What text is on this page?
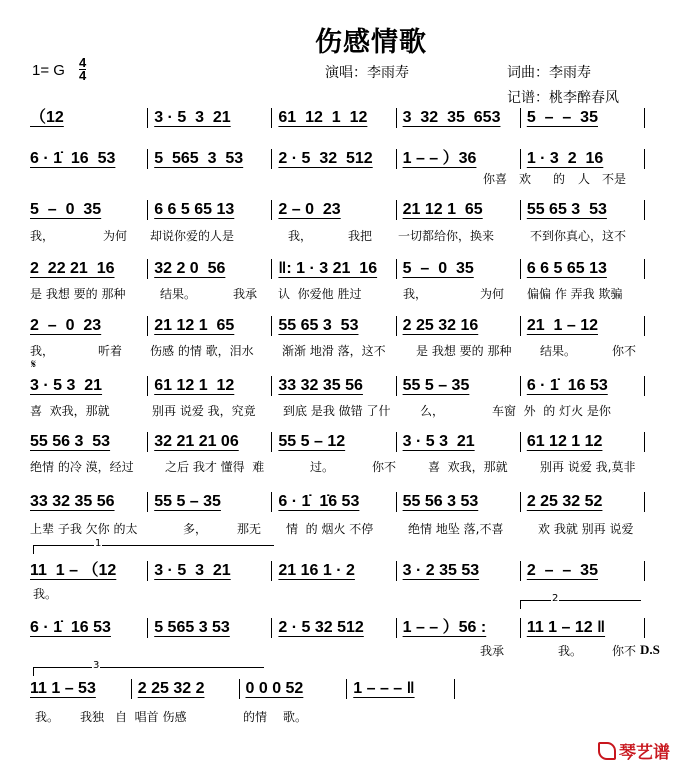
伤感情歌
1= G 4
4	演唱：李雨寿	词曲：李雨寿
记谱：桃李醉春风
𝄋
1
2
3
（12	3 · 5  3  21	61  12  1  12	3  32  35  653	5  –  –  35
6 · 1̇  16  53	5  565  3  53	2 · 5  32  512	1 – – ）36	1 · 3  2  16
你喜 欢 的 人 不是
5  –  0  35	6 6 5 65 13	2 – 0  23	21 12 1  65	55 65 3  53
我，	为何 却说你爱的人是	我，	我把 一切都给你，换来	不到你真心，这不
2  22 21  16	32 2 0  56	‖: 1 · 3 21  16	5  –  0  35	6 6 5 65 13
是 我想 要的 那种	结果。	我承 认  你爱他 胜过	我，	为何 偏偏 作 弄我 欺骗
2  –  0  23	21 12 1  65	55 65 3  53	2 25 32 16	21  1 – 12
我，	听着 伤感 的情 歌，泪水 渐渐 地滑 落，这不	是 我想 要的 那种 结果。	你不
3 · 5 3  21	61 12 1  12	33 32 35 56	55 5 – 35	6 · 1̇  16 53
喜  欢我，那就	别再 说爱 我，究竟 到底 是我 做错 了什 么，	车窗  外  的 灯火 是你
55 56 3  53	32 21 21 06	55 5 – 12	3 · 5 3  21	61 12 1 12
绝情 的冷 漠，经过	之后 我才 懂得  难	过。	你不	喜  欢我，那就	别再 说爱 我,莫非
33 32 35 56	55 5 – 35	6 · 1̇  1̇6 53	55 56 3 53	2 25 32 52
上辈 子我 欠你 的太	多， 那无 情  的 烟火 不停	绝情 地坠 落,不喜	欢 我就 别再 说爱
11  1 – （12	3 · 5  3  21	21 16 1 · 2	3 · 2 35 53	2  –  –  35
我。
6 · 1̇  16 53	5 565 3 53	2 · 5 32 512	1 – – ）56 :	11 1 – 12 ‖
我承	我。 你不 D.S
11 1 – 53	2 25 32 2	0 0 0 52	1 – – – ‖
我。 我独 自  唱首 伤感	的情 歌。
琴艺谱
